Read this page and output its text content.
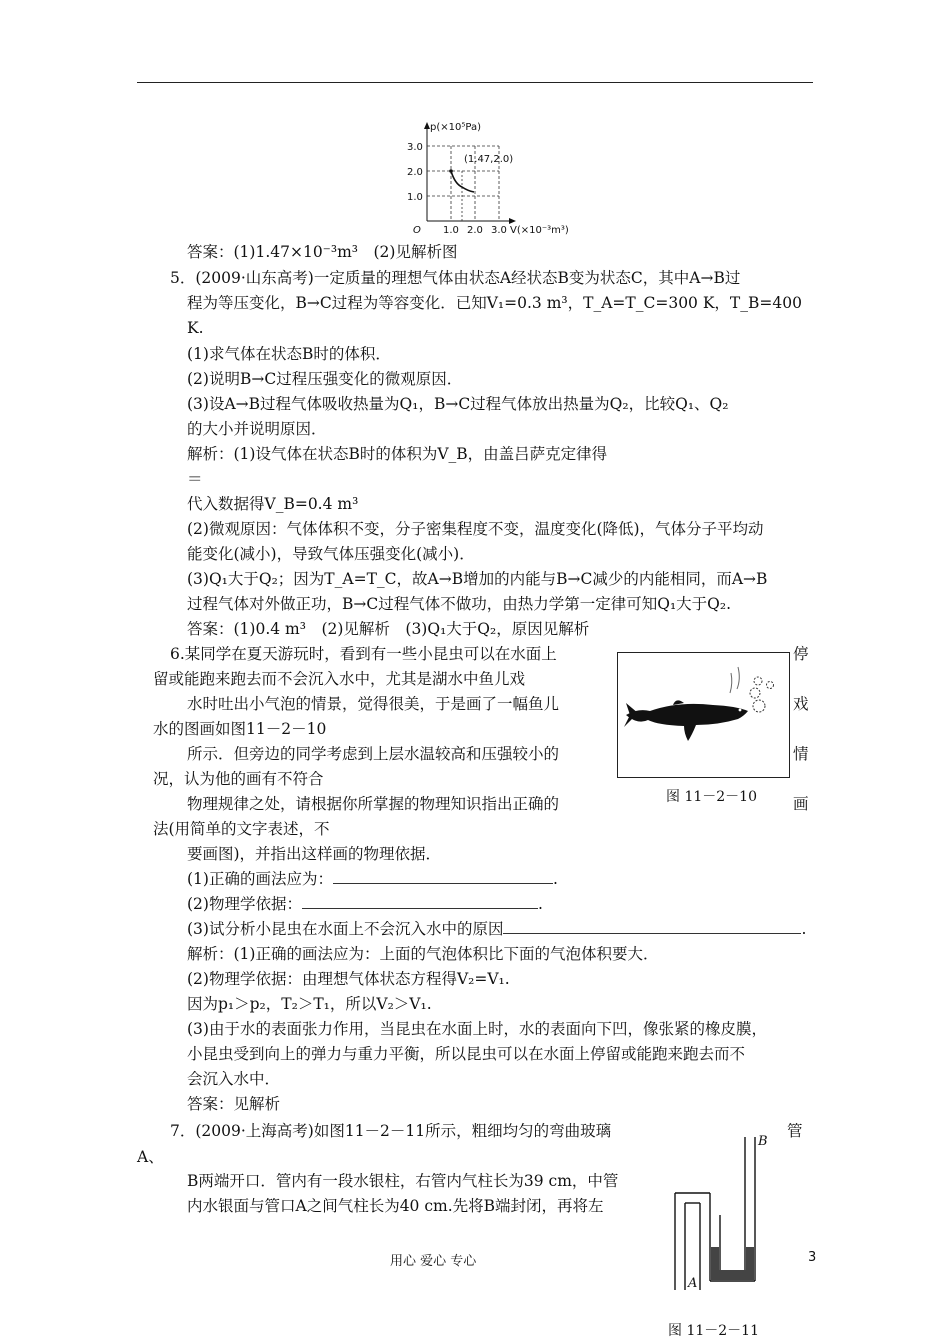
p(×10⁵Pa)
3.0
2.0
1.0
(1.47,2.0)
O 1.0 2.0 3.0 V(×10⁻³m³)
答案：(1)1.47×10⁻³m³　(2)见解析图
5．(2009·山东高考)一定质量的理想气体由状态A经状态B变为状态C，其中A→B过
程为等压变化，B→C过程为等容变化．已知V₁=0.3 m³，T_A=T_C=300 K，T_B=400
K.
(1)求气体在状态B时的体积．
(2)说明B→C过程压强变化的微观原因．
(3)设A→B过程气体吸收热量为Q₁，B→C过程气体放出热量为Q₂，比较Q₁、Q₂
的大小并说明原因．
解析：(1)设气体在状态B时的体积为V_B，由盖吕萨克定律得
＝
代入数据得V_B=0.4 m³
(2)微观原因：气体体积不变，分子密集程度不变，温度变化(降低)，气体分子平均动
能变化(减小)，导致气体压强变化(减小)．
(3)Q₁大于Q₂；因为T_A=T_C，故A→B增加的内能与B→C减少的内能相同，而A→B
过程气体对外做正功，B→C过程气体不做功，由热力学第一定律可知Q₁大于Q₂.
答案：(1)0.4 m³　(2)见解析　(3)Q₁大于Q₂，原因见解析
6.某同学在夏天游玩时，看到有一些小昆虫可以在水面上	停
留或能跑来跑去而不会沉入水中，尤其是湖水中鱼儿戏
水时吐出小气泡的情景，觉得很美，于是画了一幅鱼儿	戏
水的图画如图11－2－10
所示．但旁边的同学考虑到上层水温较高和压强较小的	情
况，认为他的画有不符合
物理规律之处，请根据你所掌握的物理知识指出正确的	画
法(用简单的文字表述，不
要画图)，并指出这样画的物理依据．
(1)正确的画法应为：	.
(2)物理学依据：	.
(3)试分析小昆虫在水面上不会沉入水中的原因	.
解析：(1)正确的画法应为：上面的气泡体积比下面的气泡体积要大．
(2)物理学依据：由理想气体状态方程得V₂=V₁.
因为p₁＞p₂，T₂＞T₁，所以V₂＞V₁.
(3)由于水的表面张力作用，当昆虫在水面上时，水的表面向下凹，像张紧的橡皮膜，
小昆虫受到向上的弹力与重力平衡，所以昆虫可以在水面上停留或能跑来跑去而不
会沉入水中．
答案：见解析
7．(2009·上海高考)如图11－2－11所示，粗细均匀的弯曲玻璃	管
A、
B两端开口．管内有一段水银柱，右管内气柱长为39 cm，中管
内水银面与管口A之间气柱长为40 cm.先将B端封闭，再将左
图 11－2－10
B
A
图 11－2－11
用心 爱心 专心	3
